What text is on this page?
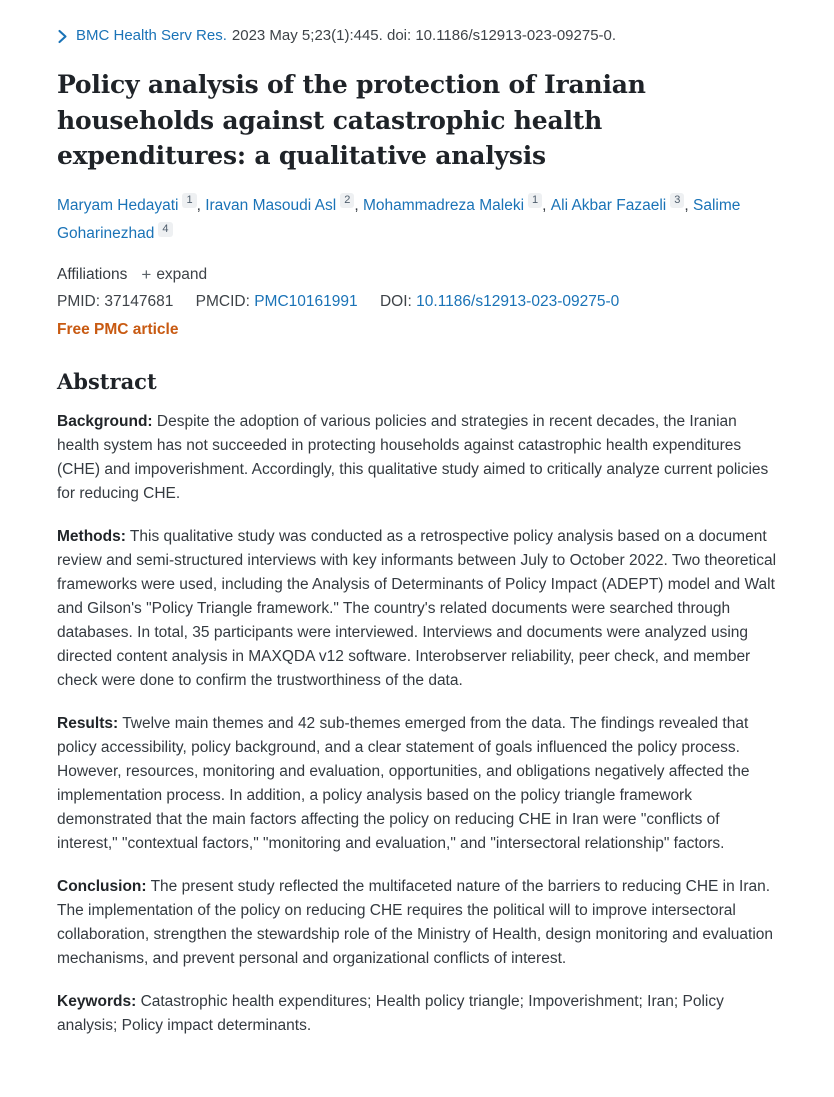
BMC Health Serv Res. 2023 May 5;23(1):445. doi: 10.1186/s12913-023-09275-0.
Policy analysis of the protection of Iranian households against catastrophic health expenditures: a qualitative analysis
Maryam Hedayati $^1$ , Iravan Masoudi Asl $^2$ , Mohammadreza Maleki $^1$ , Ali Akbar Fazaeli $^3$ , Salime Goharinezhad $^4$
Affiliations + expand
PMID: 37147681 PMCID: PMC10161991 DOI: 10.1186/s12913-023-09275-0
Free PMC article
Abstract

Background: Despite the adoption of various policies and strategies in recent decades, the Iranian health system has not succeeded in protecting households against catastrophic health expenditures (CHE) and impoverishment. Accordingly, this qualitative study aimed to critically analyze current policies for reducing CHE.

Methods: This qualitative study was conducted as a retrospective policy analysis based on a document review and semi-structured interviews with key informants between July to October 2022. Two theoretical frameworks were used, including the Analysis of Determinants of Policy Impact (ADEPT) model and Walt and Gilson's "Policy Triangle framework." The country's related documents were searched through databases. In total, 35 participants were interviewed. Interviews and documents were analyzed using directed content analysis in MAXQDA v12 software. Interobserver reliability, peer check, and member check were done to confirm the trustworthiness of the data.

Results: Twelve main themes and 42 sub-themes emerged from the data. The findings revealed that policy accessibility, policy background, and a clear statement of goals influenced the policy process. However, resources, monitoring and evaluation, opportunities, and obligations negatively affected the implementation process. In addition, a policy analysis based on the policy triangle framework demonstrated that the main factors affecting the policy on reducing CHE in Iran were "conflicts of interest," "contextual factors," "monitoring and evaluation," and "intersectoral relationship" factors.

Conclusion: The present study reflected the multifaceted nature of the barriers to reducing CHE in Iran. The implementation of the policy on reducing CHE requires the political will to improve intersectoral collaboration, strengthen the stewardship role of the Ministry of Health, design monitoring and evaluation mechanisms, and prevent personal and organizational conflicts of interest.

Keywords: Catastrophic health expenditures; Health policy triangle; Impoverishment; Iran; Policy analysis; Policy impact determinants.
